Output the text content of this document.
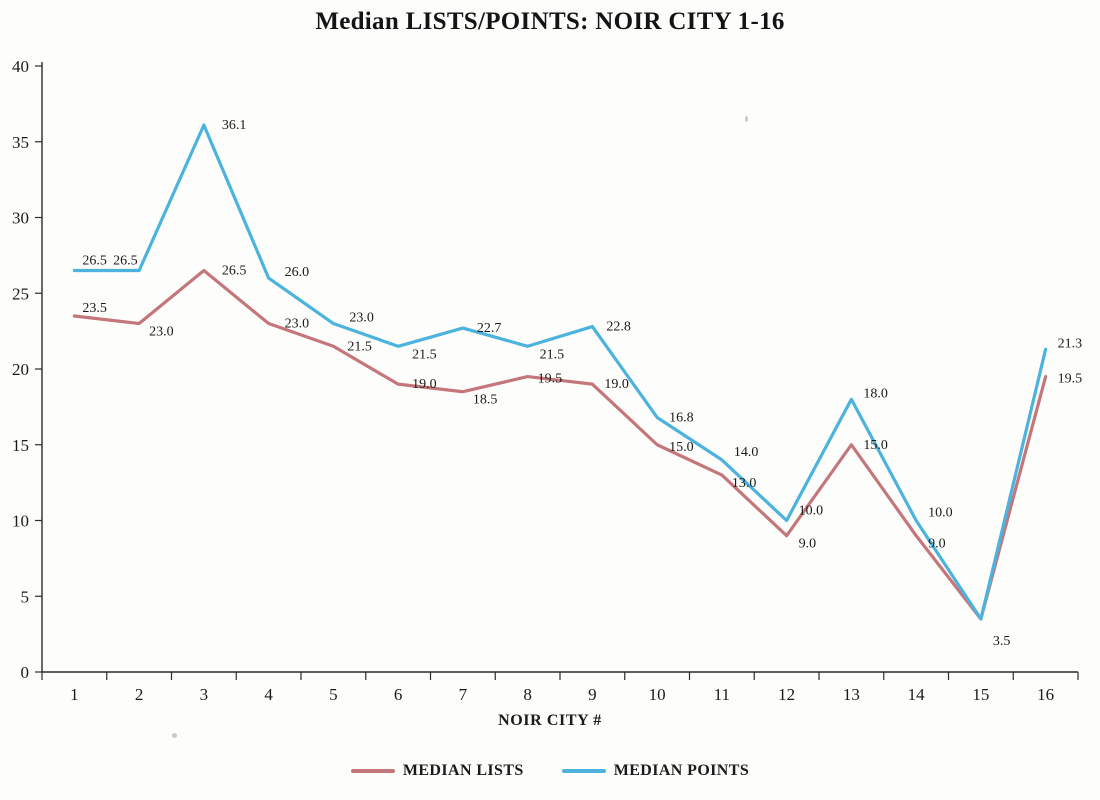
Median LISTS/POINTS: NOIR CITY 1-16
0
5
10
15
20
25
30
35
40
1	2	3	4	5	6	7	8	9	10	11	12	13	14	15	16
23.5
23.0
26.5
23.0
21.5
19.0
18.5
19.5	19.0
15.0
13.0
9.0
15.0
9.0
19.5
26.5 26.5
36.1
26.0
23.0
21.5
22.7
21.5
22.8
16.8
14.0
10.0
18.0
10.0
3.5
21.3
NOIR CITY #
MEDIAN LISTS	MEDIAN POINTS
